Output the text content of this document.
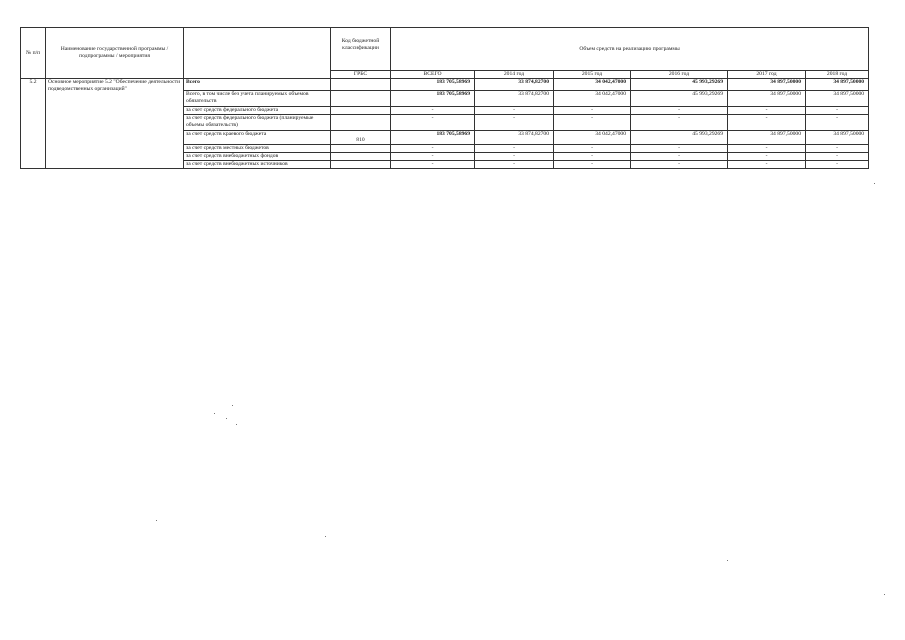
№ п/п	Наименование государственной программы / подпрограммы / мероприятия		Код бюджетной классификации	Объем средств на реализацию программы					
			ГРБС	ВСЕГО	2014 год	2015 год	2016 год	2017 год	2018 год
5.2	Основное мероприятие 5.2 "Обеспечение деятельности подведомственных организаций"	Всего		183 705,58969	33 874,82700	34 042,47000	45 993,29269	34 897,50000	34 897,50000
		Всего, в том числе без учета планируемых объемов обязательств		183 705,58969	33 874,82700	34 042,47000	45 993,29269	34 897,50000	34 897,50000
		за счет средств федерального бюджета		-	-	-	-	-	-
		за счет средств федерального бюджета (планируемые объемы обязательств)		-	-	-	-	-	-
		за счет средств краевого бюджета	810	183 705,58969	33 874,82700	34 042,47000	45 993,29269	34 897,50000	34 897,50000
		за счет средств местных бюджетов		-	-	-	-	-	-
		за счет средств внебюджетных фондов		-	-	-	-	-	-
		за счет средств внебюджетных источников		-	-	-	-	-	-
